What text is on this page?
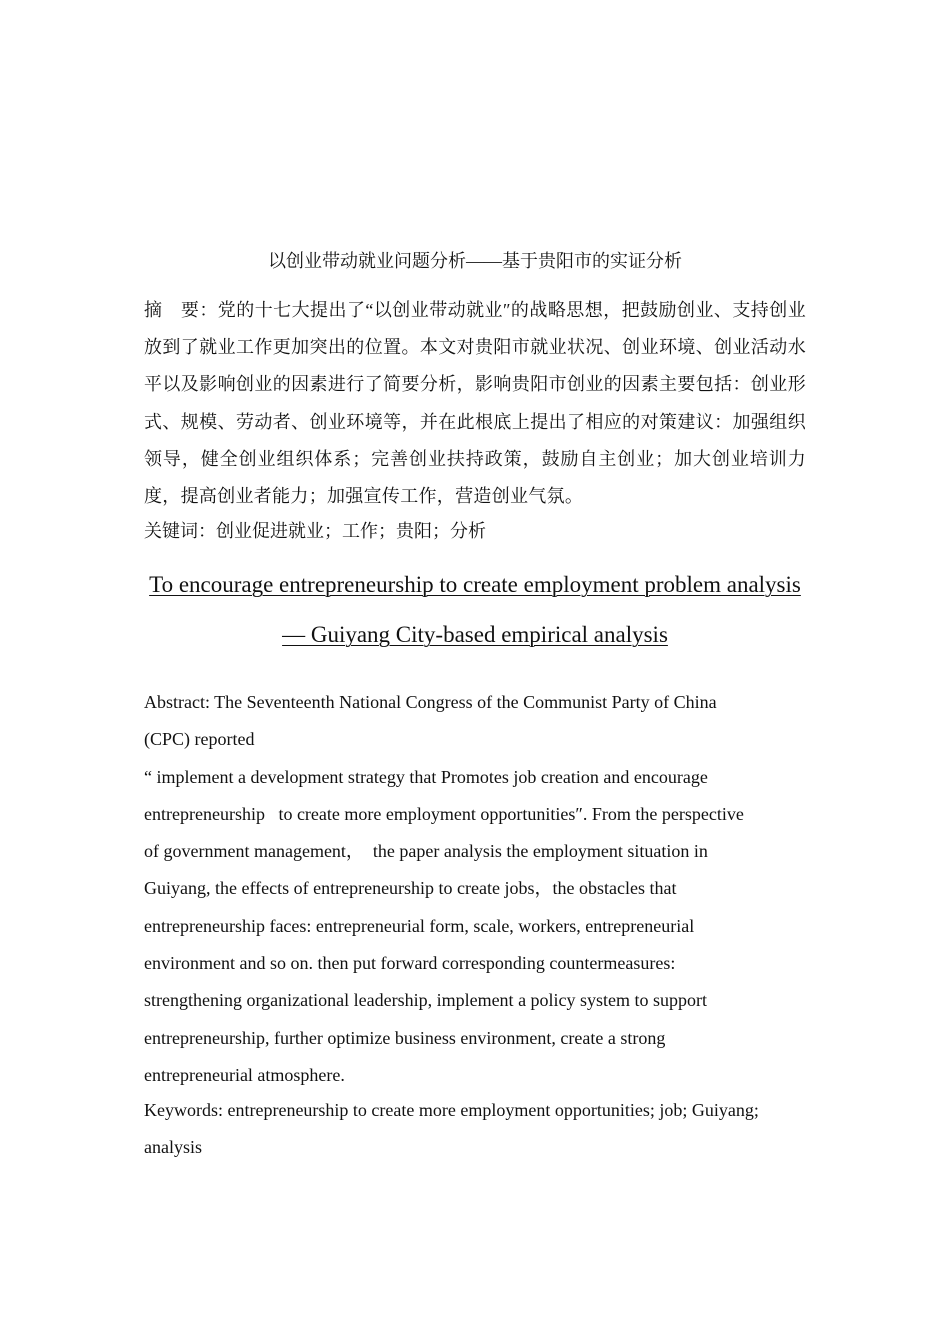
以创业带动就业问题分析——基于贵阳市的实证分析
摘　要：党的十七大提出了“以创业带动就业″的战略思想，把鼓励创业、支持创业放到了就业工作更加突出的位置。本文对贵阳市就业状况、创业环境、创业活动水平以及影响创业的因素进行了简要分析，影响贵阳市创业的因素主要包括：创业形式、规模、劳动者、创业环境等，并在此根底上提出了相应的对策建议：加强组织领导，健全创业组织体系；完善创业扶持政策，鼓励自主创业；加大创业培训力度，提高创业者能力；加强宣传工作，营造创业气氛。
关键词：创业促进就业；工作；贵阳；分析
To encourage entrepreneurship to create employment problem analysis— Guiyang City-based empirical analysis
Abstract: The Seventeenth National Congress of the Communist Party of China
(CPC) reported
“ implement a development strategy that Promotes job creation and encourage
entrepreneurship   to create more employment opportunities″. From the perspective
of government management，  the paper analysis the employment situation in
Guiyang, the effects of entrepreneurship to create jobs，the obstacles that
entrepreneurship faces: entrepreneurial form, scale, workers, entrepreneurial
environment and so on. then put forward corresponding countermeasures:
strengthening organizational leadership, implement a policy system to support
entrepreneurship, further optimize business environment, create a strong
entrepreneurial atmosphere.
Keywords: entrepreneurship to create more employment opportunities; job; Guiyang;
analysis
